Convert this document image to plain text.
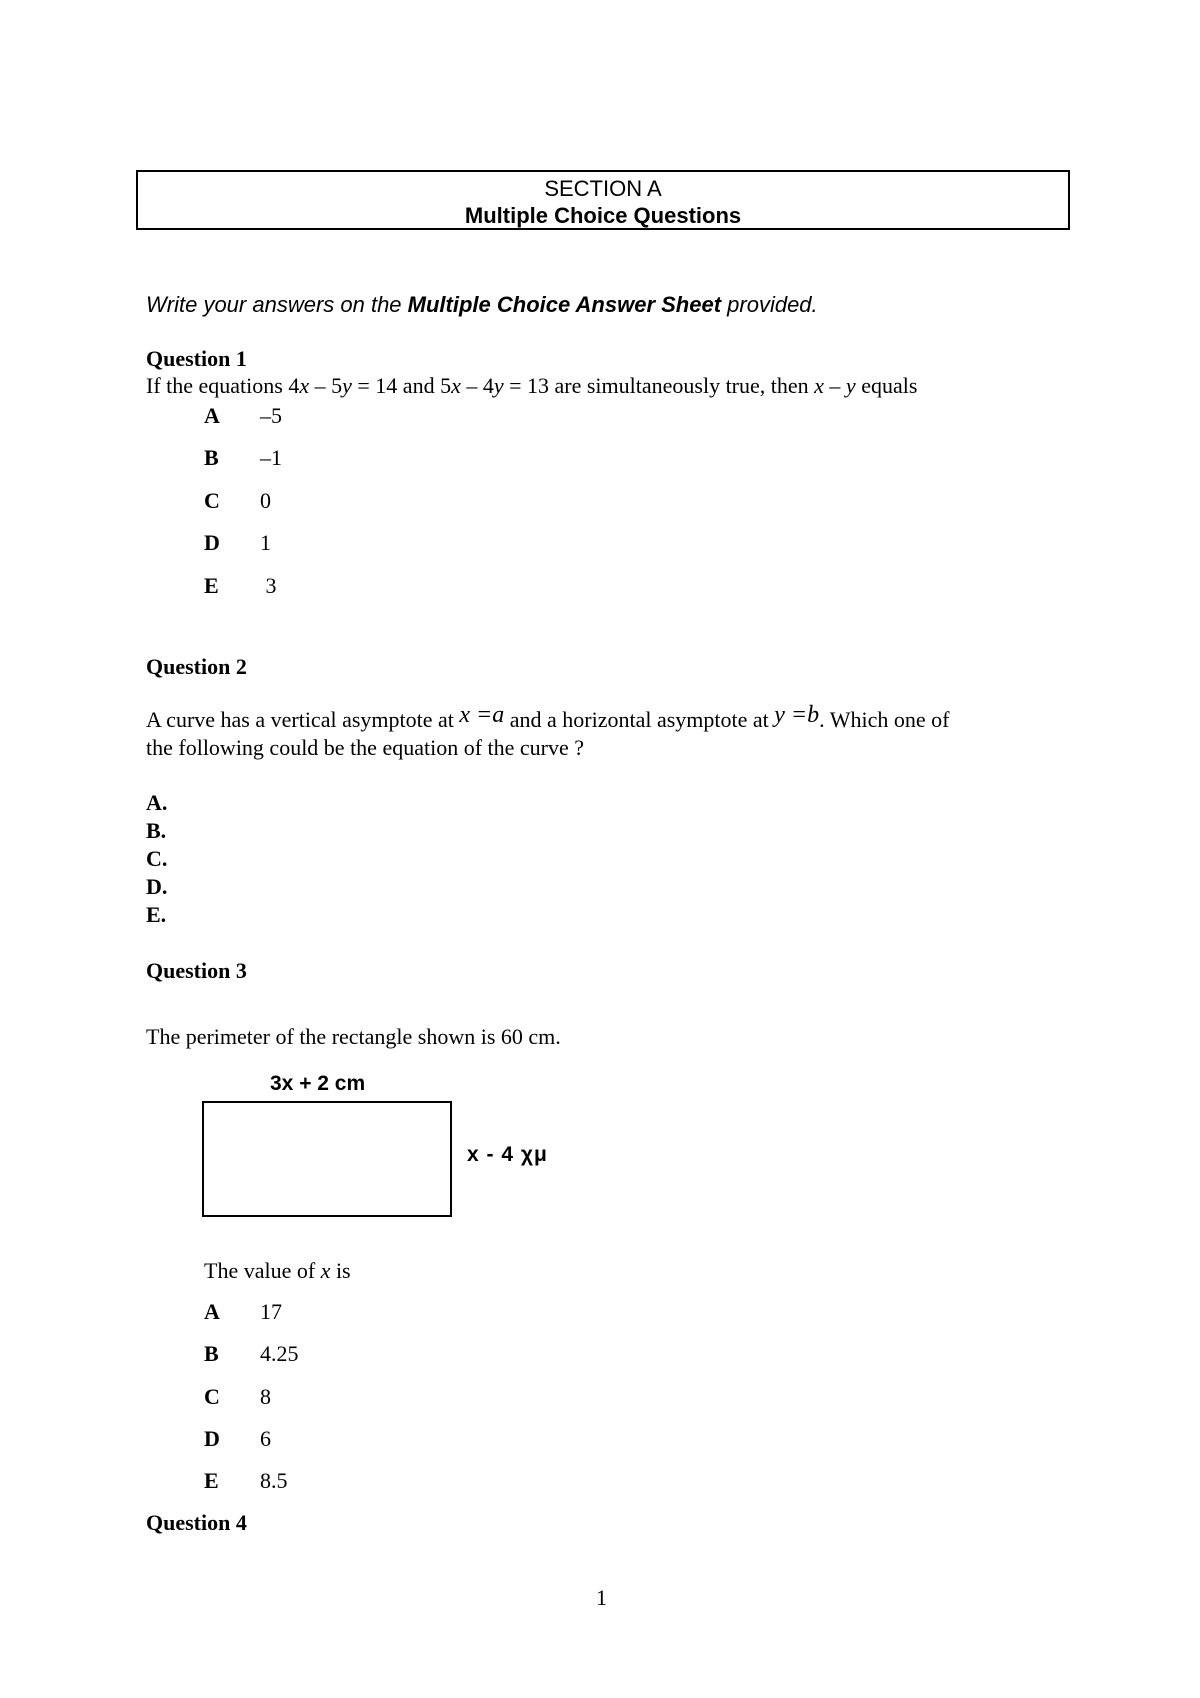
SECTION A
Multiple Choice Questions
Write your answers on the Multiple Choice Answer Sheet provided.
Question 1
If the equations 4x – 5y = 14 and 5x – 4y = 13 are simultaneously true, then x – y equals
A	–5
B	–1
C	0
D	1
E	3
Question 2
A curve has a vertical asymptote at x =a and a horizontal asymptote at y =b. Which one of
the following could be the equation of the curve ?
A.
B.
C.
D.
E.
Question 3
The perimeter of the rectangle shown is 60 cm.
3x + 2 cm
x - 4 χμ
The value of x is
A	17
B	4.25
C	8
D	6
E	8.5
Question 4
1
